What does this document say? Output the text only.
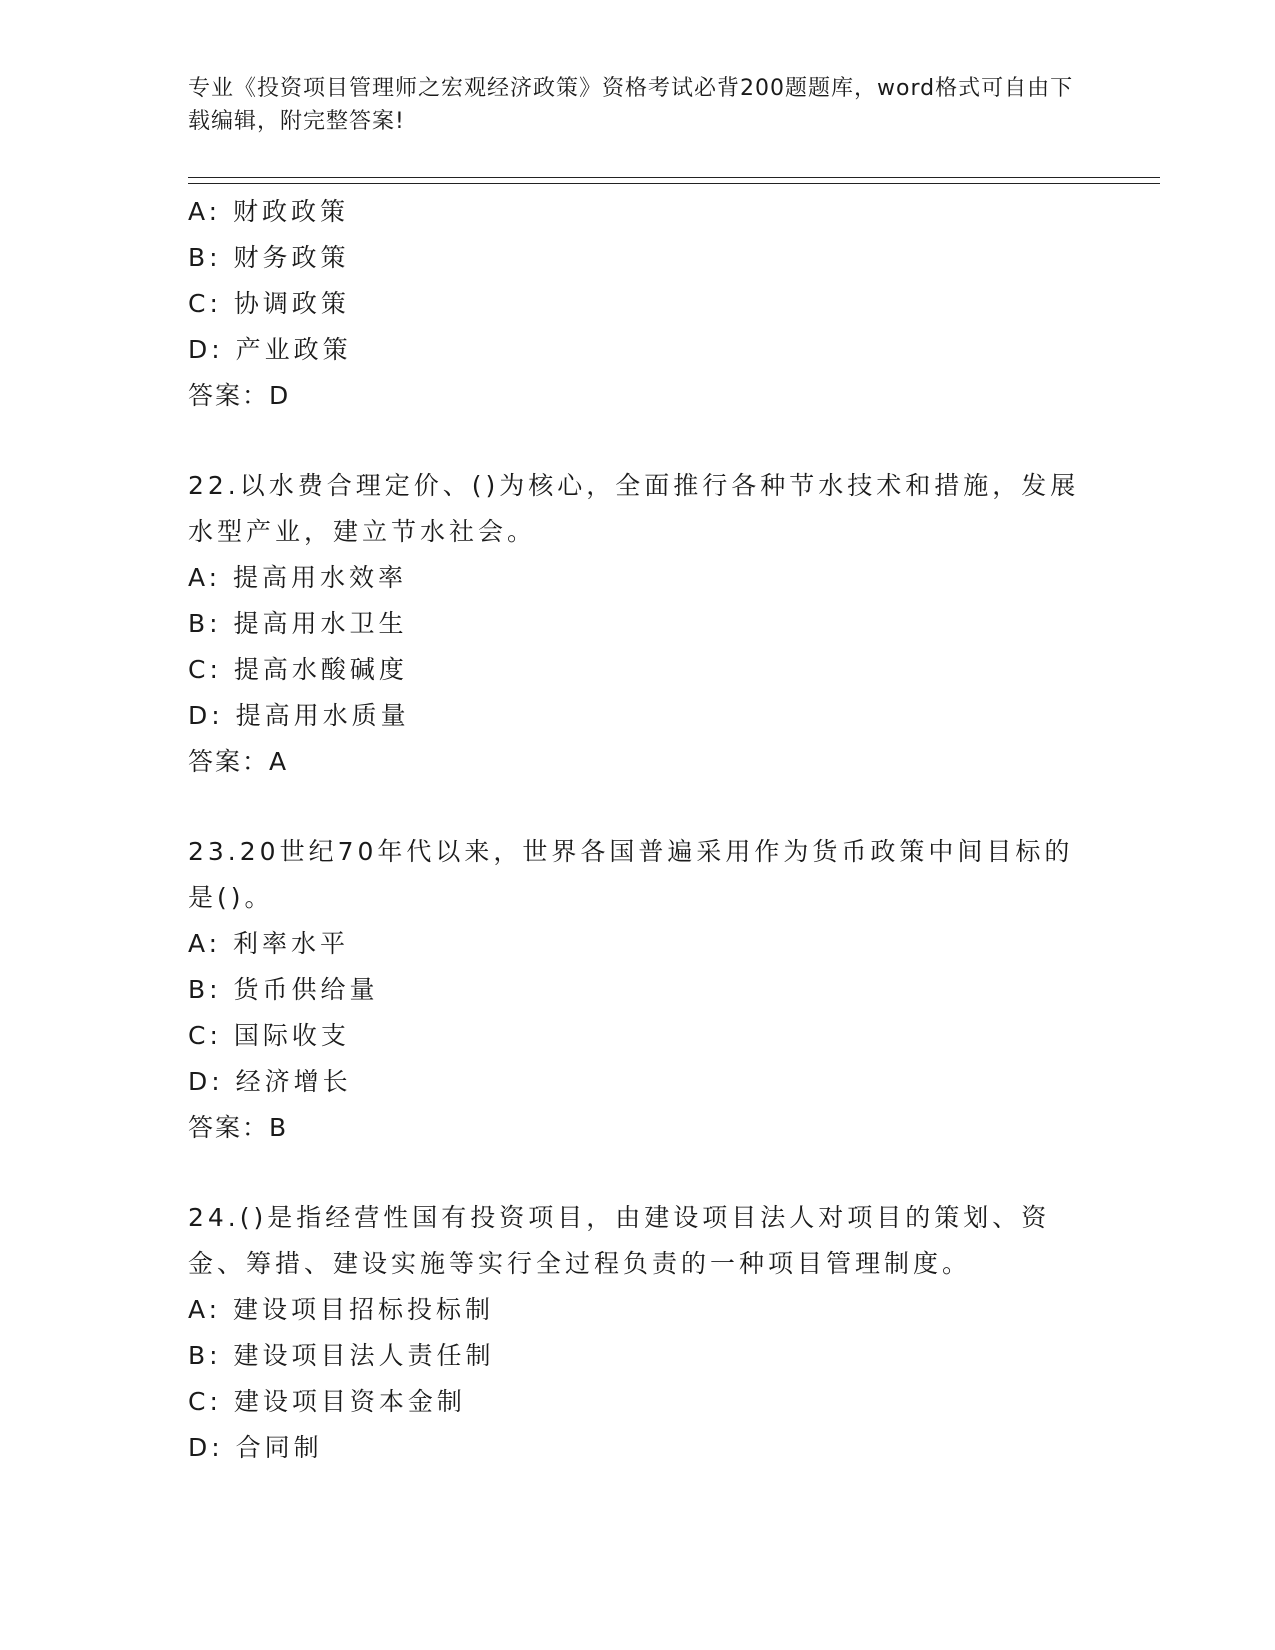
专业《投资项目管理师之宏观经济政策》资格考试必背200题题库，word格式可自由下载编辑，附完整答案!
A: 财政政策
B: 财务政策
C: 协调政策
D: 产业政策
答案：D
22.以水费合理定价、()为核心，全面推行各种节水技术和措施，发展水型产业，建立节水社会。
A: 提高用水效率
B: 提高用水卫生
C: 提高水酸碱度
D: 提高用水质量
答案：A
23.20世纪70年代以来，世界各国普遍采用作为货币政策中间目标的是()。
A: 利率水平
B: 货币供给量
C: 国际收支
D: 经济增长
答案：B
24.()是指经营性国有投资项目，由建设项目法人对项目的策划、资金、筹措、建设实施等实行全过程负责的一种项目管理制度。
A: 建设项目招标投标制
B: 建设项目法人责任制
C: 建设项目资本金制
D: 合同制
